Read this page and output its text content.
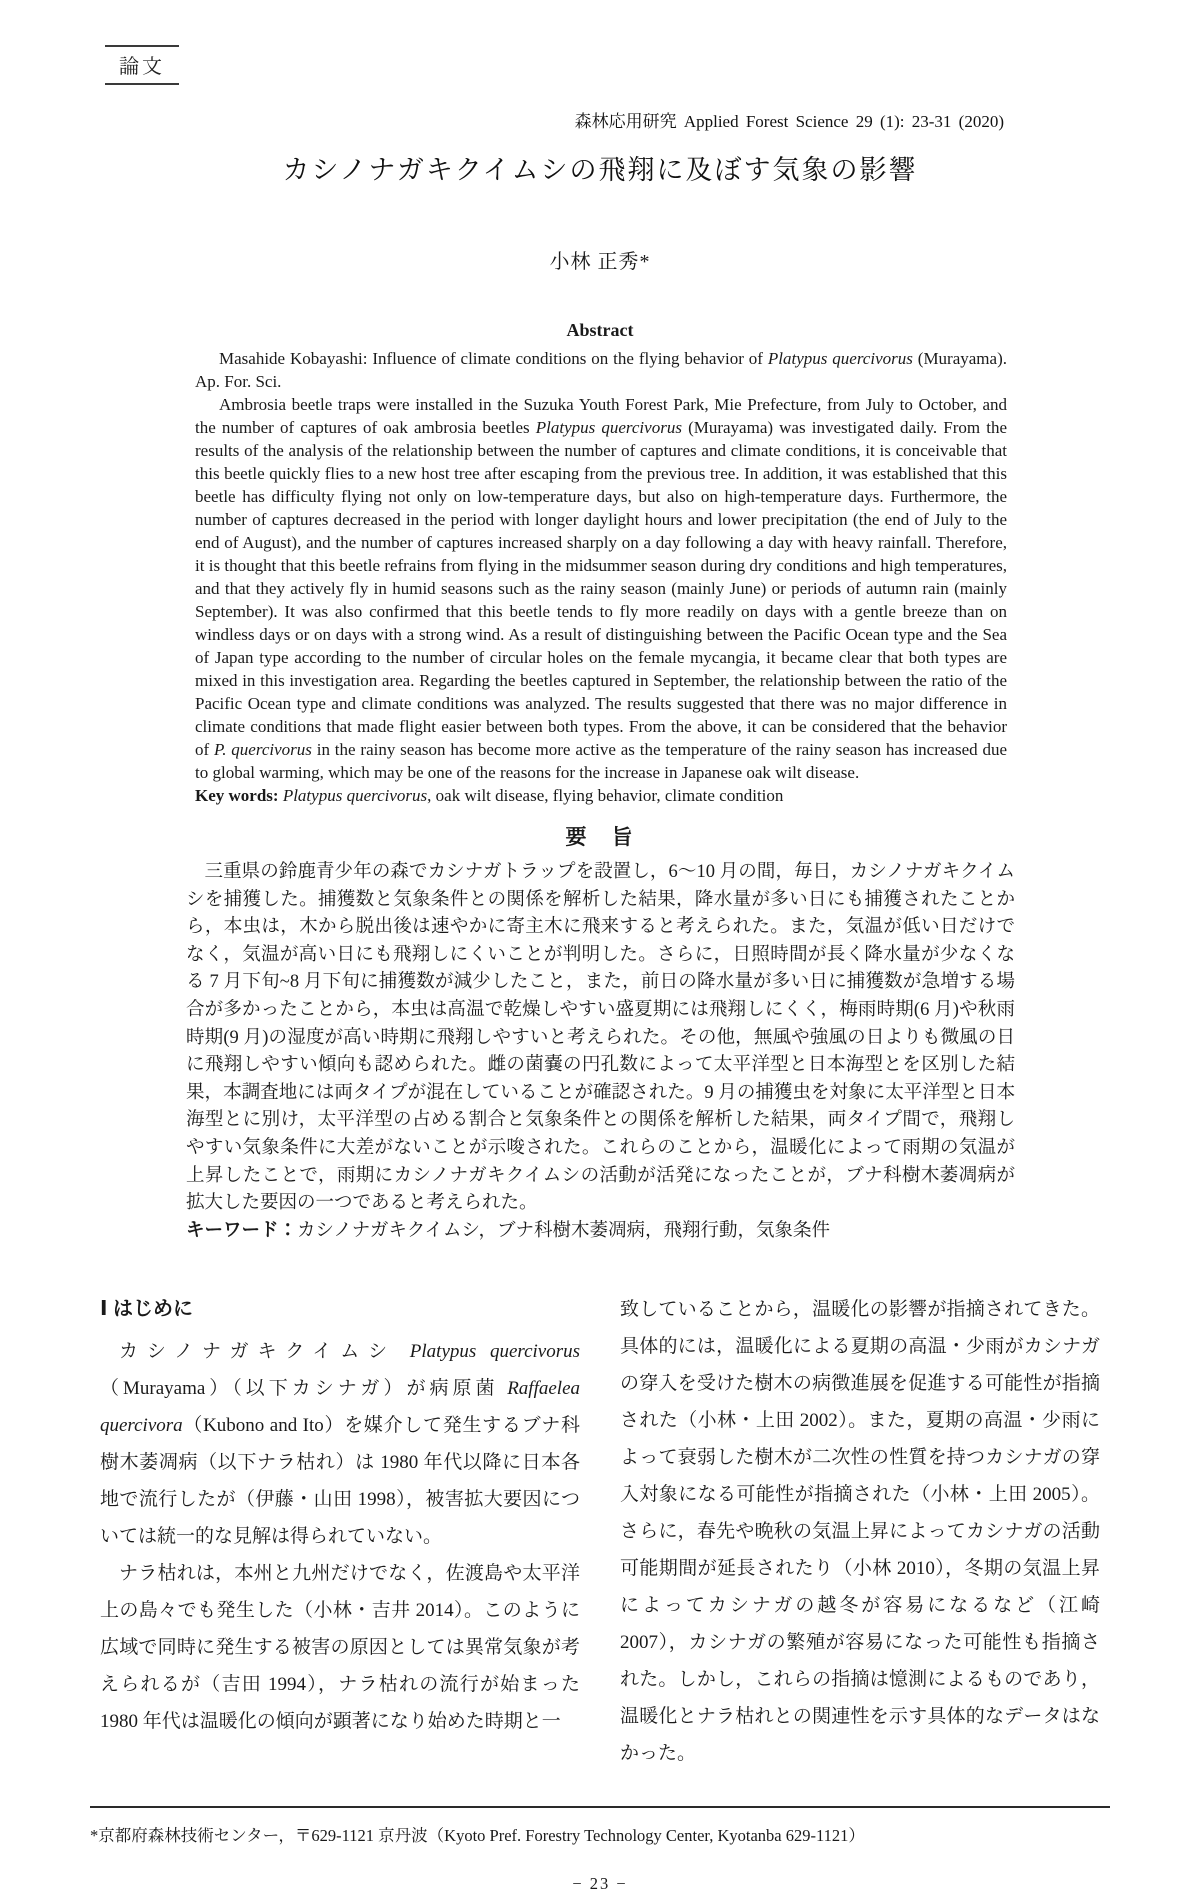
論文
森林応用研究 Applied Forest Science 29 (1): 23-31 (2020)
カシノナガキクイムシの飛翔に及ぼす気象の影響
小林 正秀*
Abstract

Masahide Kobayashi: Influence of climate conditions on the flying behavior of Platypus quercivorus (Murayama). Ap. For. Sci.

Ambrosia beetle traps were installed in the Suzuka Youth Forest Park, Mie Prefecture, from July to October, and the number of captures of oak ambrosia beetles Platypus quercivorus (Murayama) was investigated daily. From the results of the analysis of the relationship between the number of captures and climate conditions, it is conceivable that this beetle quickly flies to a new host tree after escaping from the previous tree. In addition, it was established that this beetle has difficulty flying not only on low-temperature days, but also on high-temperature days. Furthermore, the number of captures decreased in the period with longer daylight hours and lower precipitation (the end of July to the end of August), and the number of captures increased sharply on a day following a day with heavy rainfall. Therefore, it is thought that this beetle refrains from flying in the midsummer season during dry conditions and high temperatures, and that they actively fly in humid seasons such as the rainy season (mainly June) or periods of autumn rain (mainly September). It was also confirmed that this beetle tends to fly more readily on days with a gentle breeze than on windless days or on days with a strong wind. As a result of distinguishing between the Pacific Ocean type and the Sea of Japan type according to the number of circular holes on the female mycangia, it became clear that both types are mixed in this investigation area. Regarding the beetles captured in September, the relationship between the ratio of the Pacific Ocean type and climate conditions was analyzed. The results suggested that there was no major difference in climate conditions that made flight easier between both types. From the above, it can be considered that the behavior of P. quercivorus in the rainy season has become more active as the temperature of the rainy season has increased due to global warming, which may be one of the reasons for the increase in Japanese oak wilt disease.

Key words: Platypus quercivorus, oak wilt disease, flying behavior, climate condition

要　旨

三重県の鈴鹿青少年の森でカシナガトラップを設置し，6～10 月の間，毎日，カシノナガキクイムシを捕獲した。捕獲数と気象条件との関係を解析した結果，降水量が多い日にも捕獲されたことから，本虫は，木から脱出後は速やかに寄主木に飛来すると考えられた。また，気温が低い日だけでなく，気温が高い日にも飛翔しにくいことが判明した。さらに，日照時間が長く降水量が少なくなる 7 月下旬~8 月下旬に捕獲数が減少したこと，また，前日の降水量が多い日に捕獲数が急増する場合が多かったことから，本虫は高温で乾燥しやすい盛夏期には飛翔しにくく，梅雨時期(6 月)や秋雨時期(9 月)の湿度が高い時期に飛翔しやすいと考えられた。その他，無風や強風の日よりも微風の日に飛翔しやすい傾向も認められた。雌の菌嚢の円孔数によって太平洋型と日本海型とを区別した結果，本調査地には両タイプが混在していることが確認された。9 月の捕獲虫を対象に太平洋型と日本海型とに別け，太平洋型の占める割合と気象条件との関係を解析した結果，両タイプ間で，飛翔しやすい気象条件に大差がないことが示唆された。これらのことから，温暖化によって雨期の気温が上昇したことで，雨期にカシノナガキクイムシの活動が活発になったことが，ブナ科樹木萎凋病が拡大した要因の一つであると考えられた。

キーワード：カシノナガキクイムシ，ブナ科樹木萎凋病，飛翔行動，気象条件

Ⅰ はじめに

カシノナガキクイムシ Platypus quercivorus（Murayama）（以下カシナガ）が病原菌 Raffaelea quercivora（Kubono and Ito）を媒介して発生するブナ科樹木萎凋病（以下ナラ枯れ）は 1980 年代以降に日本各地で流行したが（伊藤・山田 1998），被害拡大要因については統一的な見解は得られていない。

ナラ枯れは，本州と九州だけでなく，佐渡島や太平洋上の島々でも発生した（小林・吉井 2014）。このように広域で同時に発生する被害の原因としては異常気象が考えられるが（吉田 1994），ナラ枯れの流行が始まった 1980 年代は温暖化の傾向が顕著になり始めた時期と一

致していることから，温暖化の影響が指摘されてきた。具体的には，温暖化による夏期の高温・少雨がカシナガの穿入を受けた樹木の病徴進展を促進する可能性が指摘された（小林・上田 2002）。また，夏期の高温・少雨によって衰弱した樹木が二次性の性質を持つカシナガの穿入対象になる可能性が指摘された（小林・上田 2005）。さらに，春先や晩秋の気温上昇によってカシナガの活動可能期間が延長されたり（小林 2010），冬期の気温上昇によってカシナガの越冬が容易になるなど（江崎 2007），カシナガの繁殖が容易になった可能性も指摘された。しかし，これらの指摘は憶測によるものであり，温暖化とナラ枯れとの関連性を示す具体的なデータはなかった。

*京都府森林技術センター，〒629-1121 京丹波（Kyoto Pref. Forestry Technology Center, Kyotanba 629-1121）
− 23 −
